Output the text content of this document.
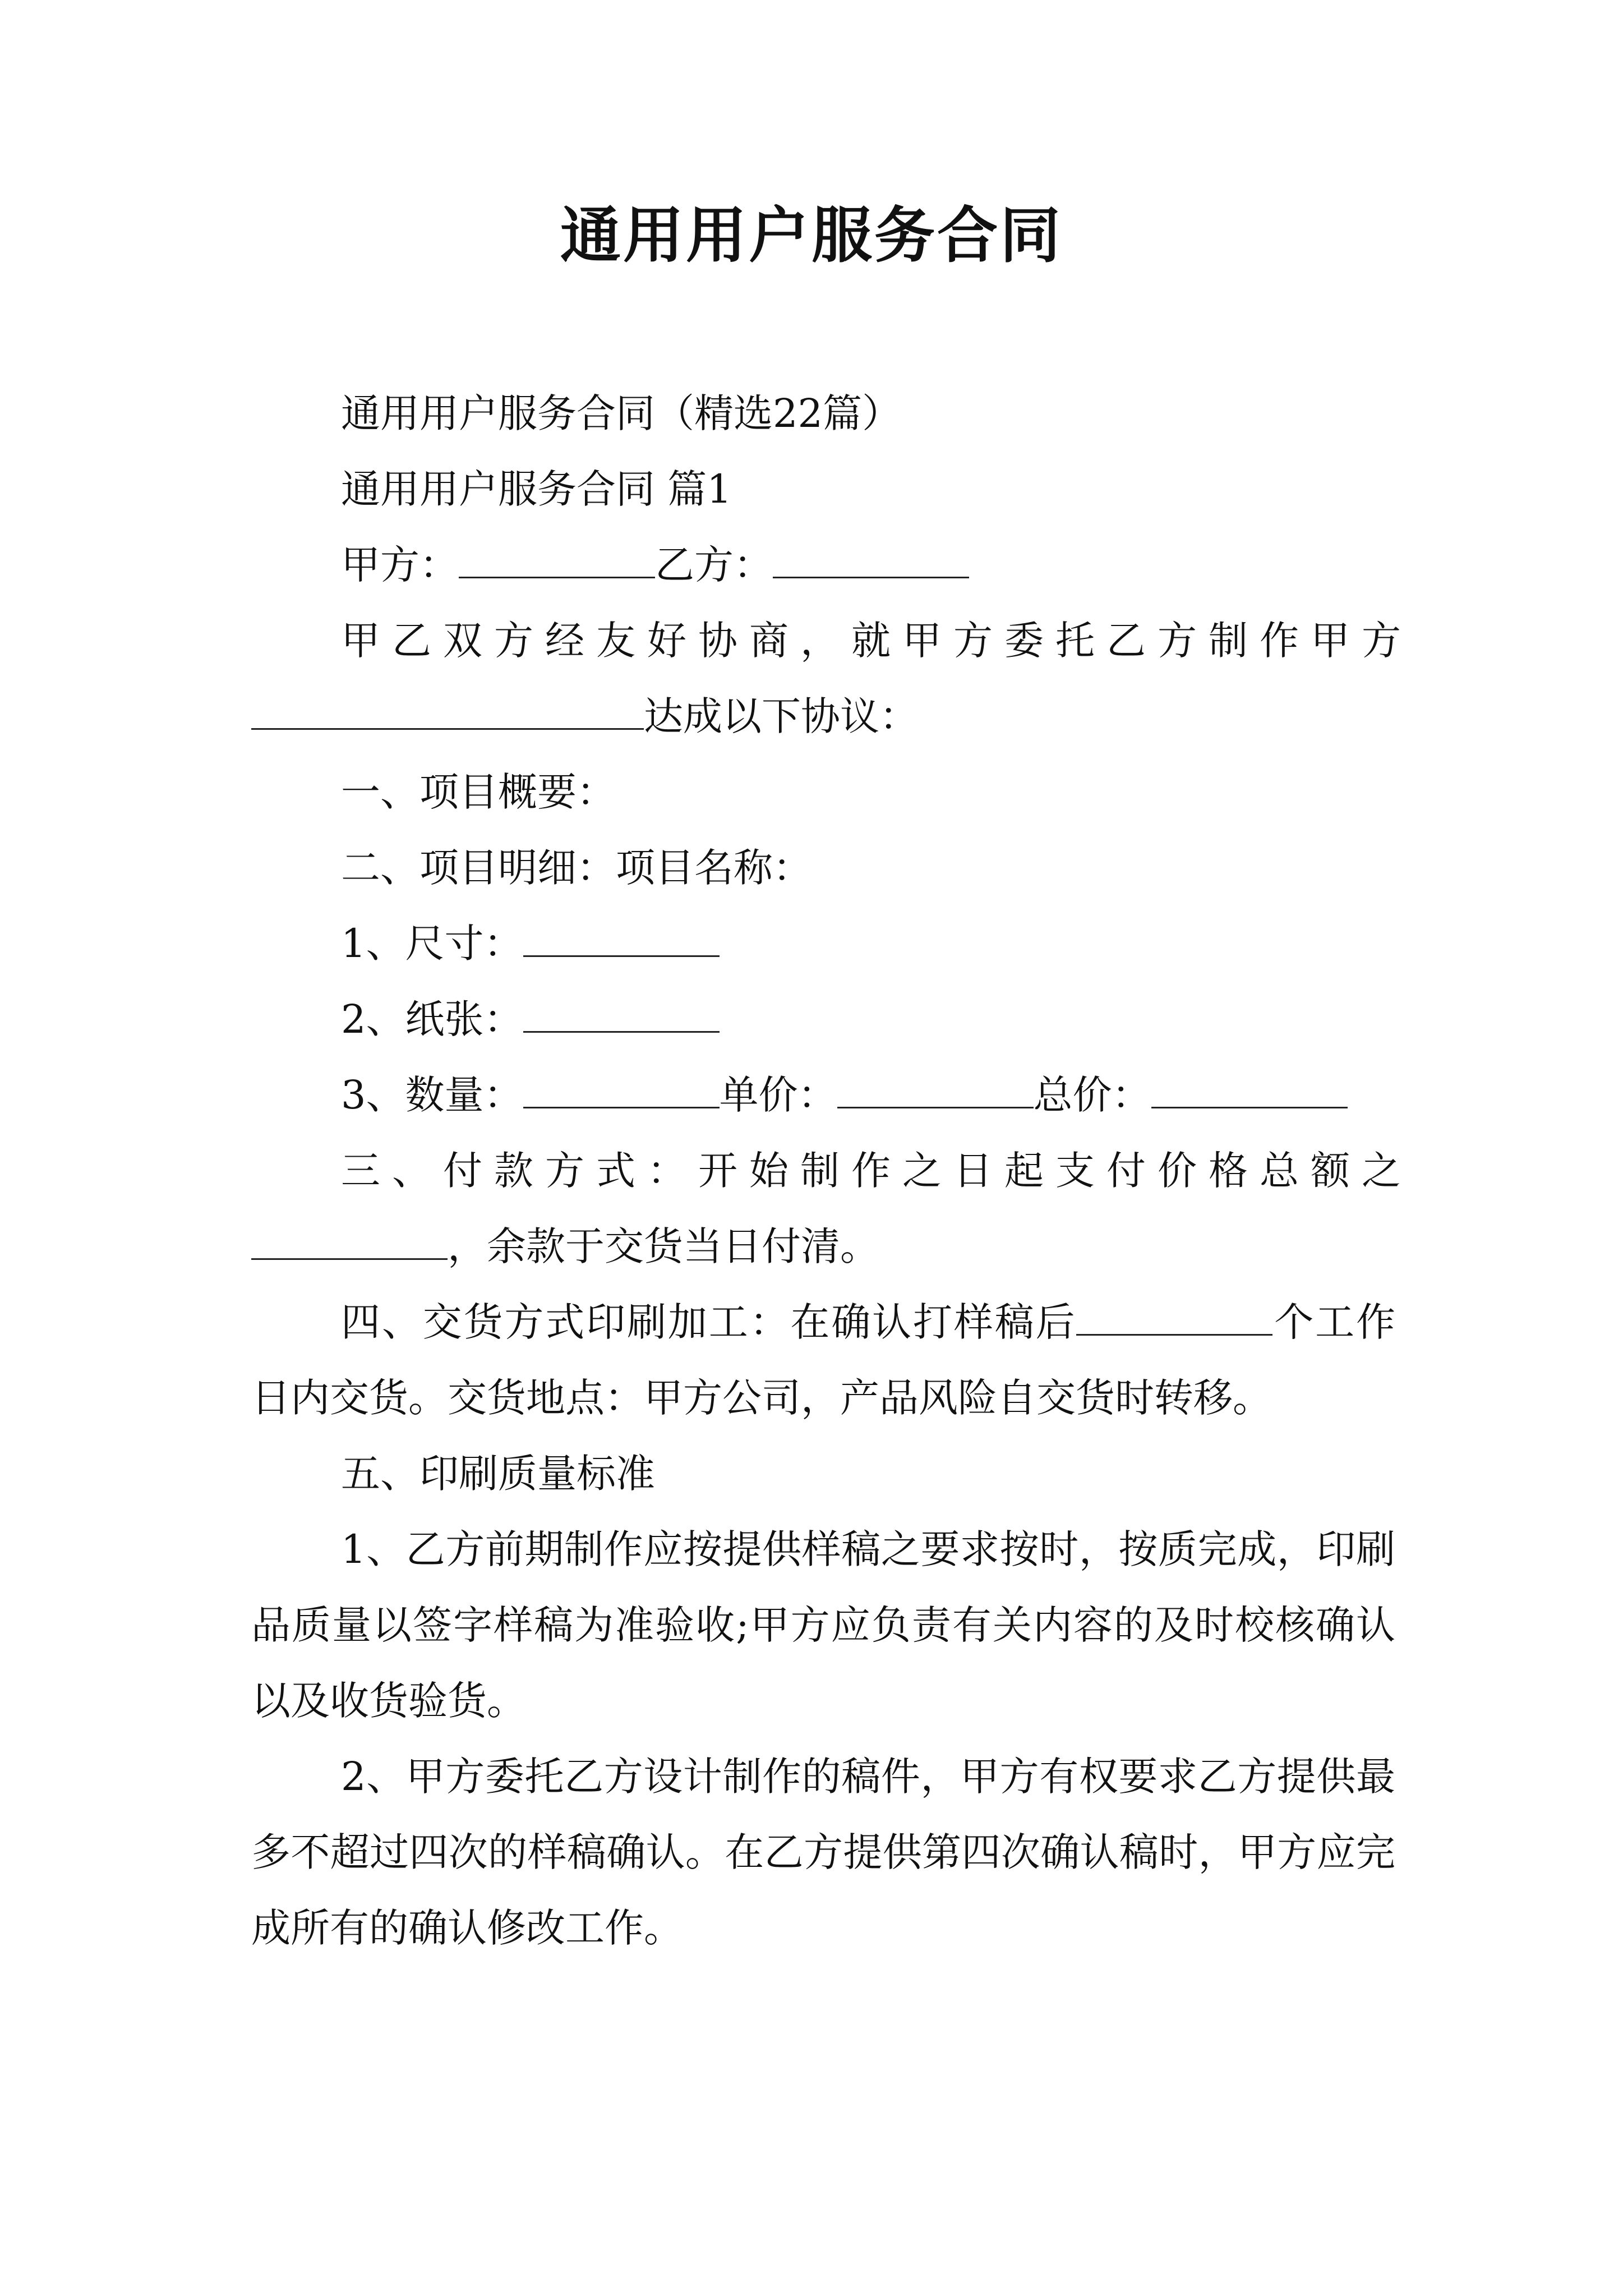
通用用户服务合同

通用用户服务合同（精选22篇）

通用用户服务合同 篇1

甲方：	乙方：

甲乙双方经友好协商，就甲方委托乙方制作甲方

达成以下协议：

一、项目概要：

二、项目明细：项目名称：

1、尺寸：

2、纸张：

3、数量：	单价：	总价：

三、付款方式：开始制作之日起支付价格总额之

，余款于交货当日付清。

四、交货方式印刷加工：在确认打样稿后	个工作日内交货。交货地点：甲方公司，产品风险自交货时转移。

五、印刷质量标准

1、乙方前期制作应按提供样稿之要求按时，按质完成，印刷品质量以签字样稿为准验收;甲方应负责有关内容的及时校核确认以及收货验货。

2、甲方委托乙方设计制作的稿件，甲方有权要求乙方提供最多不超过四次的样稿确认。在乙方提供第四次确认稿时，甲方应完成所有的确认修改工作。
